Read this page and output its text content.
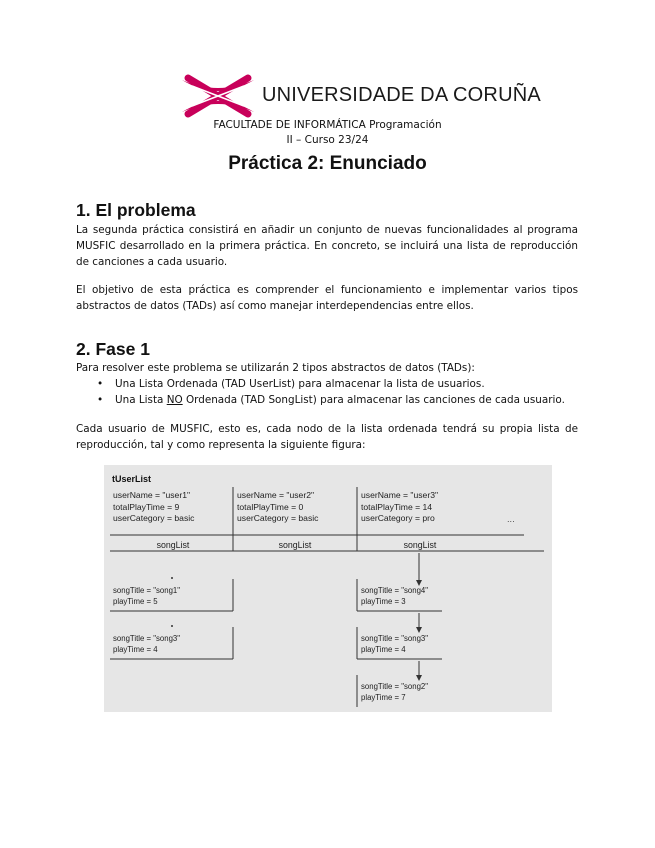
UNIVERSIDADE DA CORUÑA
FACULTADE DE INFORMÁTICA Programación
II – Curso 23/24
Práctica 2: Enunciado
1. El problema

La segunda práctica consistirá en añadir un conjunto de nuevas funcionalidades al programa
MUSFIC desarrollado en la primera práctica. En concreto, se incluirá una lista de reproducción
de canciones a cada usuario.

El objetivo de esta práctica es comprender el funcionamiento e implementar varios tipos
abstractos de datos (TADs) así como manejar interdependencias entre ellos.

2. Fase 1

Para resolver este problema se utilizarán 2 tipos abstractos de datos (TADs):

• Una Lista Ordenada (TAD UserList) para almacenar la lista de usuarios.
• Una Lista NO Ordenada (TAD SongList) para almacenar las canciones de cada usuario.

Cada usuario de MUSFIC, esto es, cada nodo de la lista ordenada tendrá su propia lista de
reproducción, tal y como representa la siguiente figura:

tUserList
userName = "user1"
totalPlayTime = 9
userCategory = basic
userName = "user2"
totalPlayTime = 0
userCategory = basic
userName = "user3"
totalPlayTime = 14
userCategory = pro	...
songList	songList	songList
songTitle = "song1"
playTime = 5
songTitle = "song3"
playTime = 4
songTitle = "song4"
playTime = 3
songTitle = "song3"
playTime = 4
songTitle = "song2"
playTime = 7
